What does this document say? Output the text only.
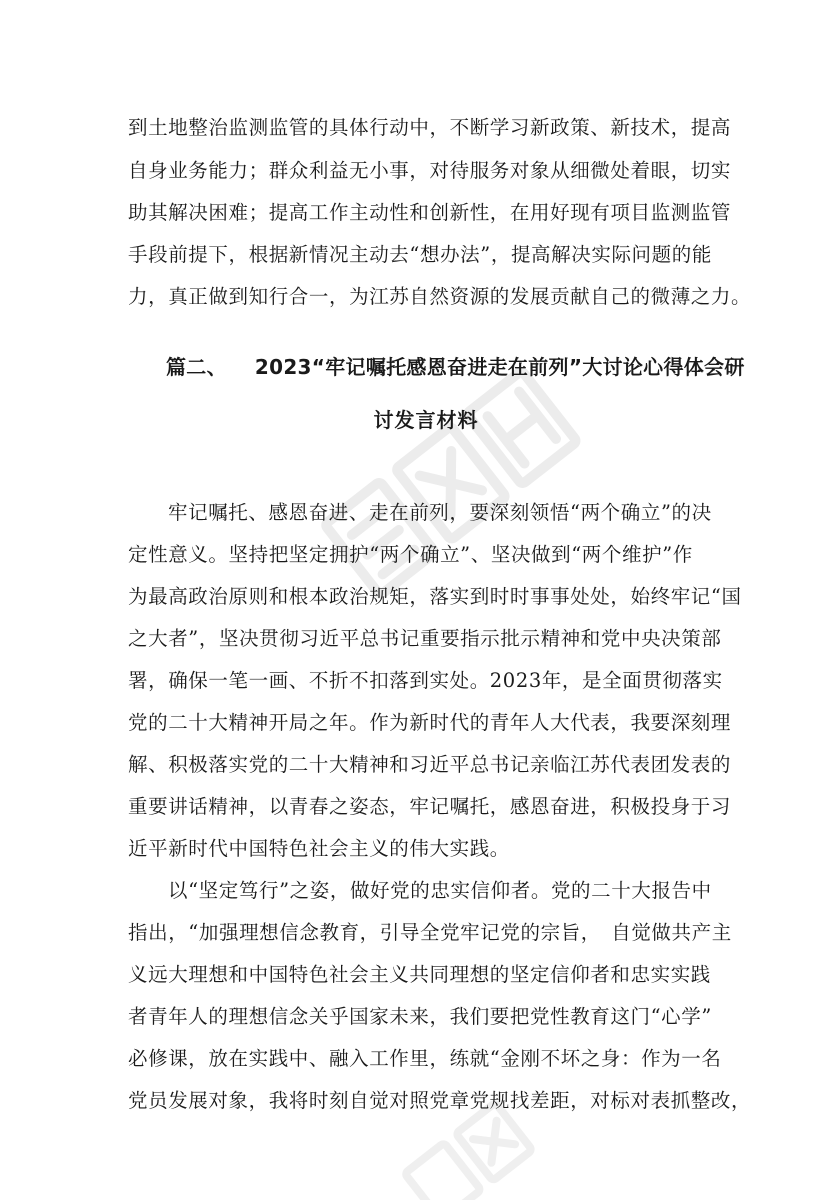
到土地整治监测监管的具体行动中，不断学习新政策、新技术，提高
自身业务能力；群众利益无小事，对待服务对象从细微处着眼，切实
助其解决困难；提高工作主动性和创新性，在用好现有项目监测监管
手段前提下，根据新情况主动去“想办法”，提高解决实际问题的能
力，真正做到知行合一，为江苏自然资源的发展贡献自己的微薄之力。
篇二、 2023“牢记嘱托感恩奋进走在前列”大讨论心得体会研
讨发言材料
牢记嘱托、感恩奋进、走在前列，要深刻领悟“两个确立”的决
定性意义。坚持把坚定拥护“两个确立”、坚决做到“两个维护”作
为最高政治原则和根本政治规矩，落实到时时事事处处，始终牢记“国
之大者”，坚决贯彻习近平总书记重要指示批示精神和党中央决策部
署，确保一笔一画、不折不扣落到实处。2023年，是全面贯彻落实
党的二十大精神开局之年。作为新时代的青年人大代表，我要深刻理
解、积极落实党的二十大精神和习近平总书记亲临江苏代表团发表的
重要讲话精神，以青春之姿态，牢记嘱托，感恩奋进，积极投身于习
近平新时代中国特色社会主义的伟大实践。
以“坚定笃行”之姿，做好党的忠实信仰者。党的二十大报告中
指出，“加强理想信念教育，引导全党牢记党的宗旨，　自觉做共产主
义远大理想和中国特色社会主义共同理想的坚定信仰者和忠实实践
者青年人的理想信念关乎国家未来，我们要把党性教育这门“心学”
必修课，放在实践中、融入工作里，练就“金刚不坏之身：作为一名
党员发展对象，我将时刻自觉对照党章党规找差距，对标对表抓整改，
